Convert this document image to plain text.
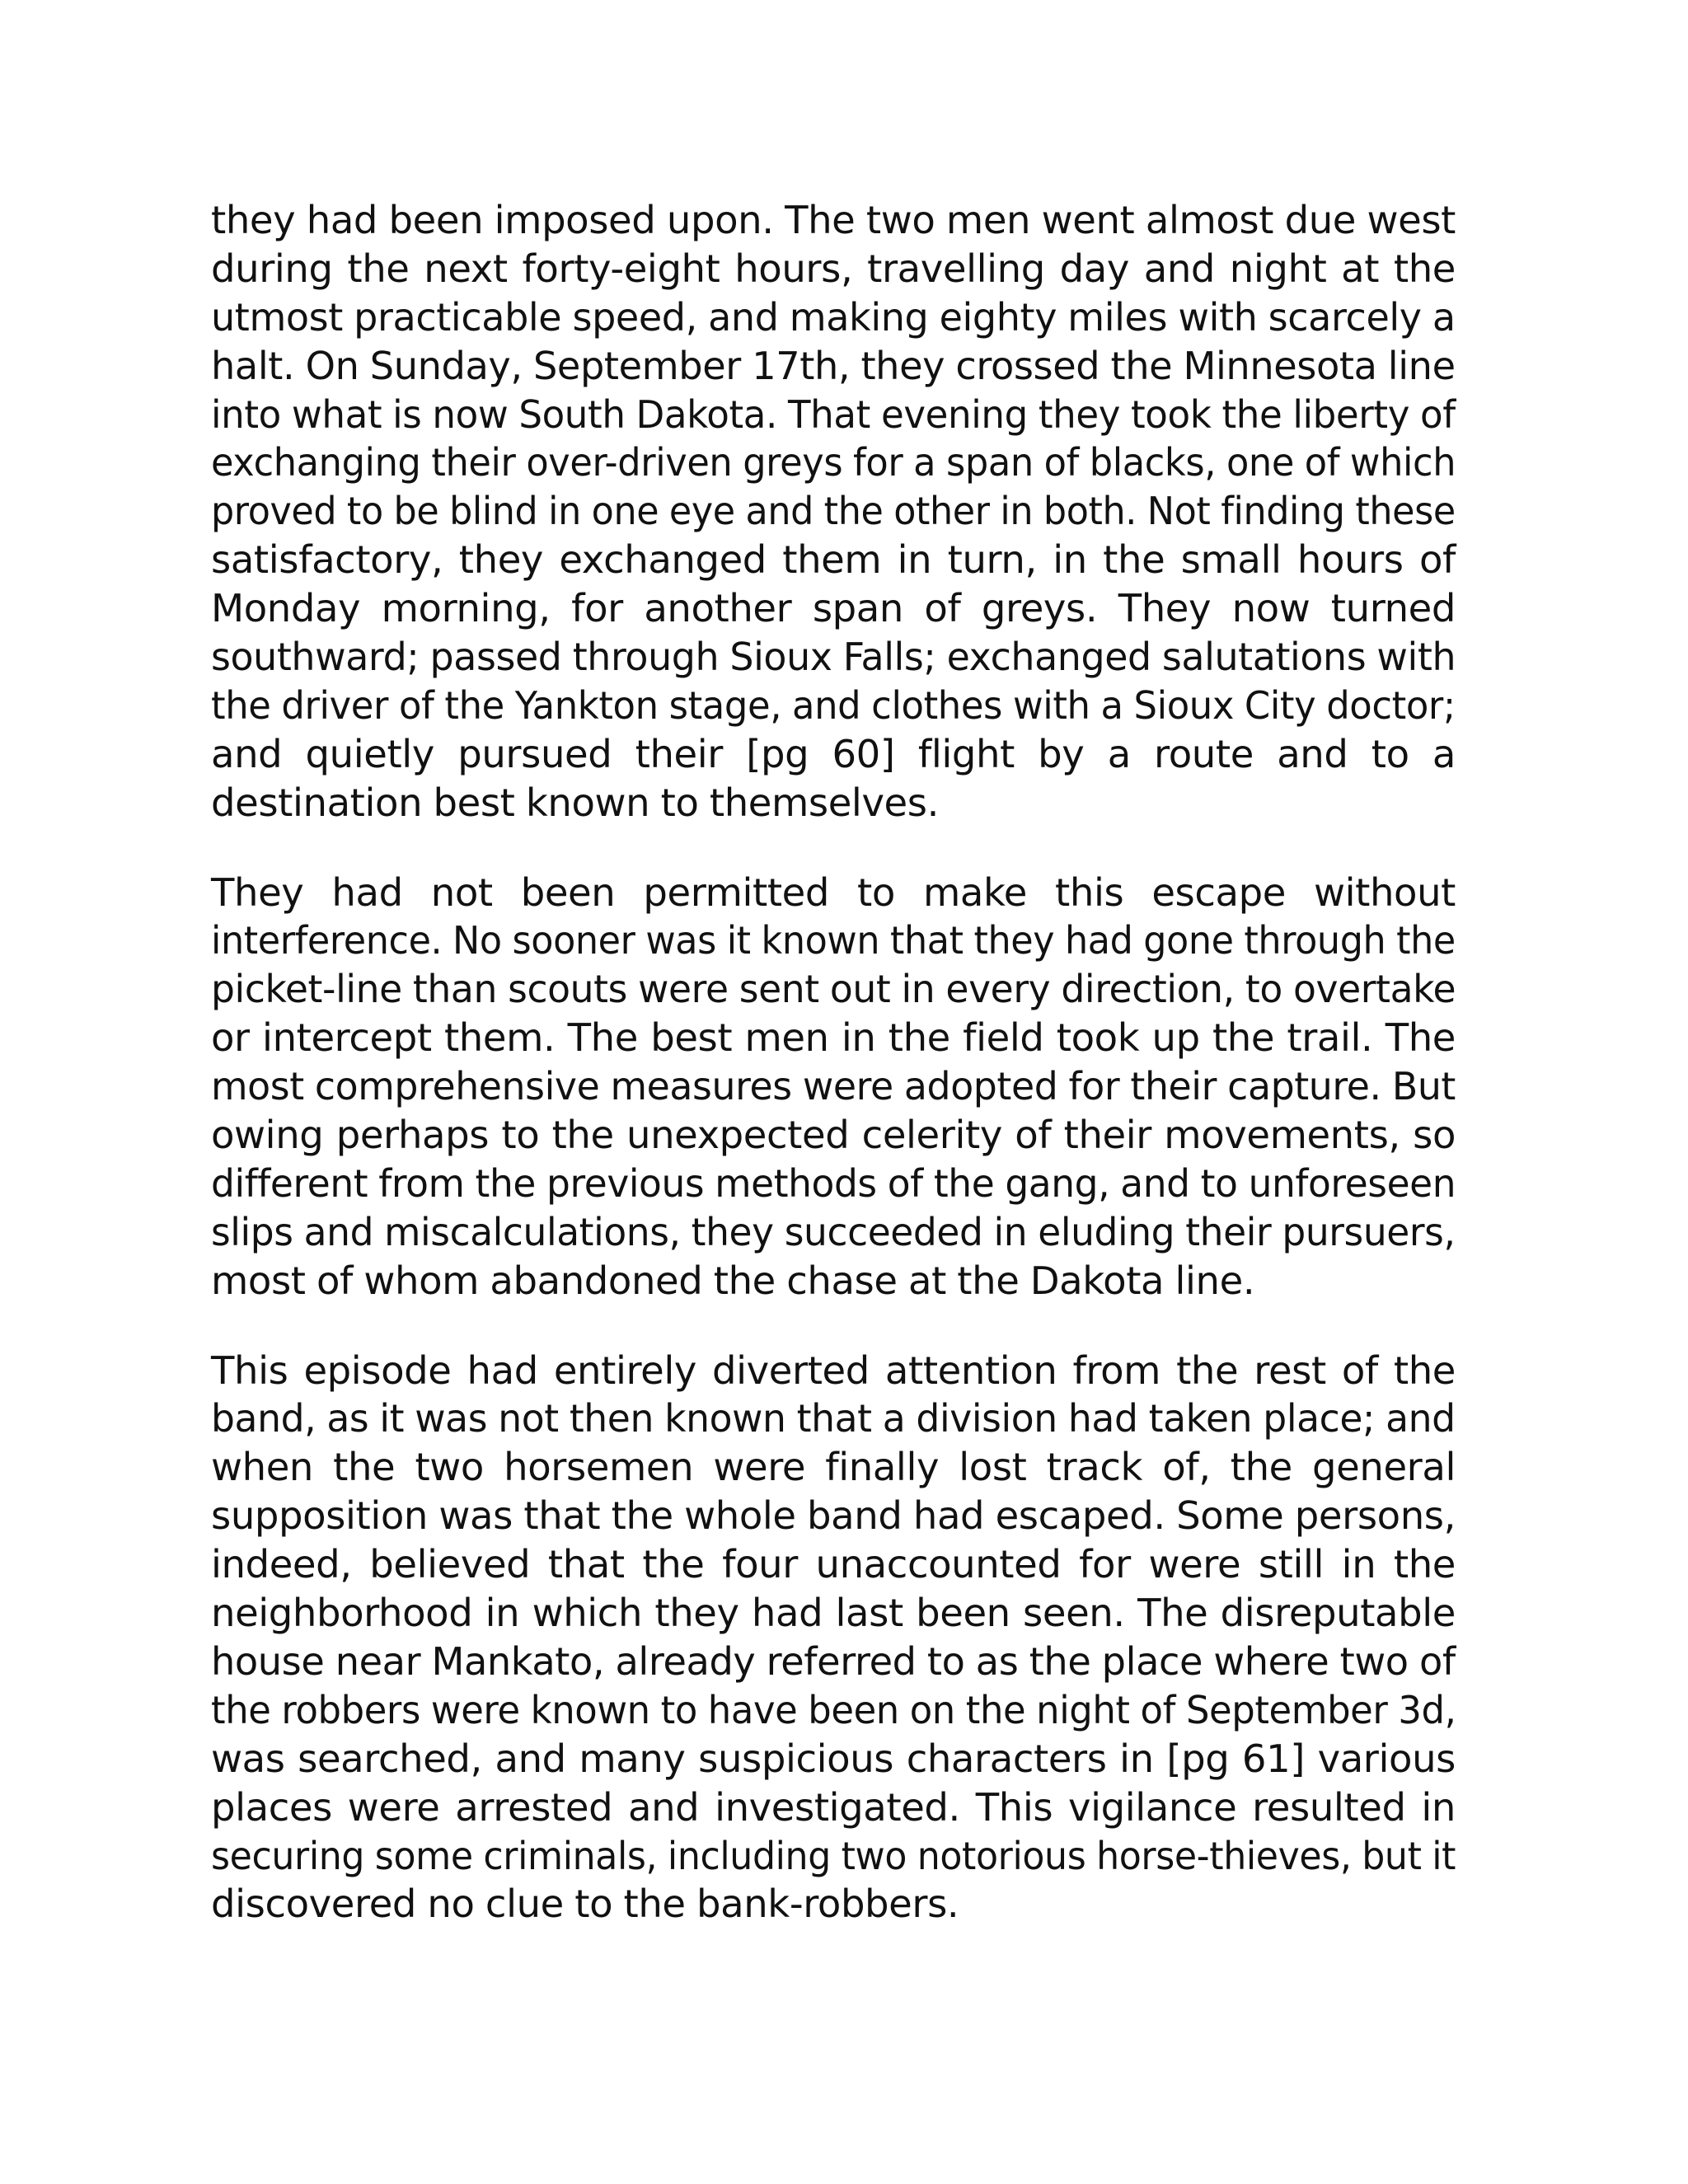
they had been imposed upon. The two men went almost due west
during the next forty-eight hours, travelling day and night at the
utmost practicable speed, and making eighty miles with scarcely a
halt. On Sunday, September 17th, they crossed the Minnesota line
into what is now South Dakota. That evening they took the liberty of
exchanging their over-driven greys for a span of blacks, one of which
proved to be blind in one eye and the other in both. Not finding these
satisfactory, they exchanged them in turn, in the small hours of
Monday morning, for another span of greys. They now turned
southward; passed through Sioux Falls; exchanged salutations with
the driver of the Yankton stage, and clothes with a Sioux City doctor;
and quietly pursued their [pg 60] flight by a route and to a
destination best known to themselves.
They had not been permitted to make this escape without
interference. No sooner was it known that they had gone through the
picket-line than scouts were sent out in every direction, to overtake
or intercept them. The best men in the field took up the trail. The
most comprehensive measures were adopted for their capture. But
owing perhaps to the unexpected celerity of their movements, so
different from the previous methods of the gang, and to unforeseen
slips and miscalculations, they succeeded in eluding their pursuers,
most of whom abandoned the chase at the Dakota line.
This episode had entirely diverted attention from the rest of the
band, as it was not then known that a division had taken place; and
when the two horsemen were finally lost track of, the general
supposition was that the whole band had escaped. Some persons,
indeed, believed that the four unaccounted for were still in the
neighborhood in which they had last been seen. The disreputable
house near Mankato, already referred to as the place where two of
the robbers were known to have been on the night of September 3d,
was searched, and many suspicious characters in [pg 61] various
places were arrested and investigated. This vigilance resulted in
securing some criminals, including two notorious horse-thieves, but it
discovered no clue to the bank-robbers.
